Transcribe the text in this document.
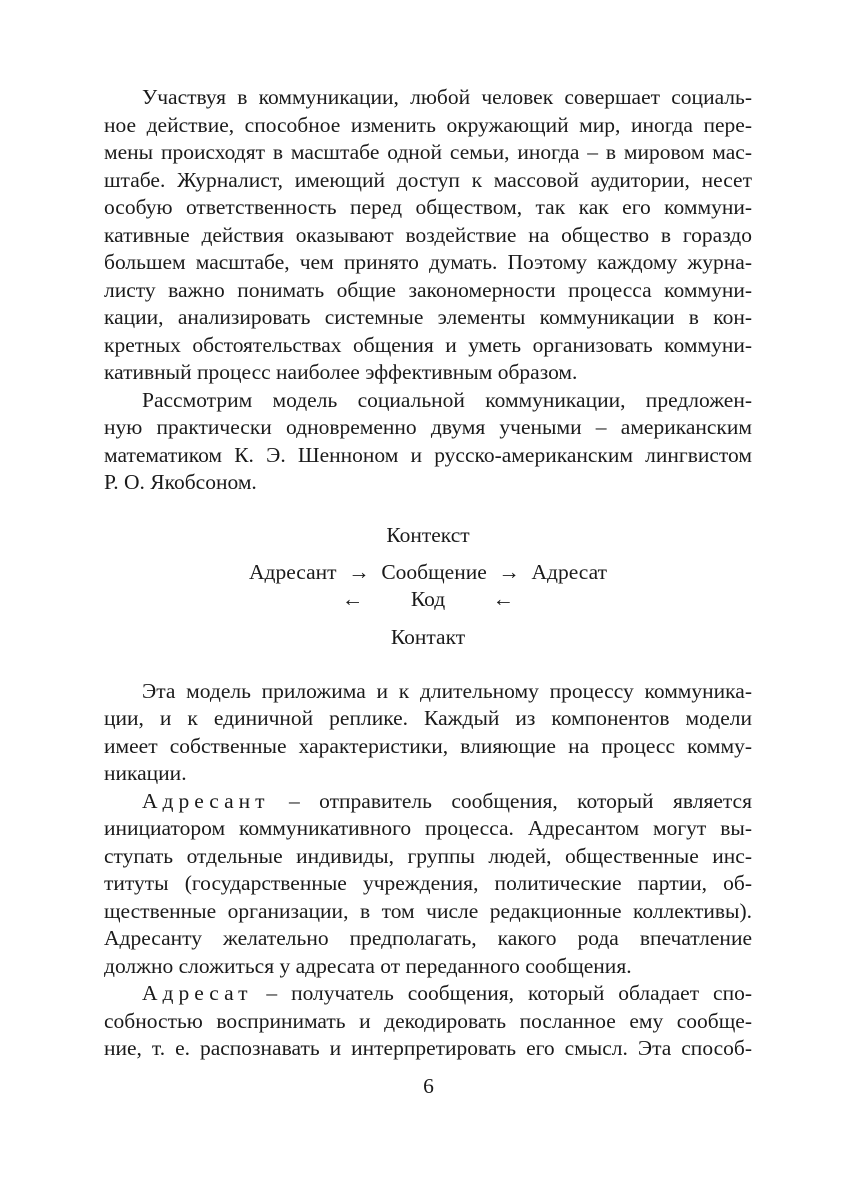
Участвуя в коммуникации, любой человек совершает социаль-
ное действие, способное изменить окружающий мир, иногда пере-
мены происходят в масштабе одной семьи, иногда – в мировом мас-
штабе. Журналист, имеющий доступ к массовой аудитории, несет
особую ответственность перед обществом, так как его коммуни-
кативные действия оказывают воздействие на общество в гораздо
большем масштабе, чем принято думать. Поэтому каждому журна-
листу важно понимать общие закономерности процесса коммуни-
кации, анализировать системные элементы коммуникации в кон-
кретных обстоятельствах общения и уметь организовать коммуни-
кативный процесс наиболее эффективным образом.
Рассмотрим модель социальной коммуникации, предложен-
ную практически одновременно двумя учеными – американским
математиком К. Э. Шенноном и русско-американским лингвистом
Р. О. Якобсоном.
Контекст
Адресант → Сообщение → Адресат
← Код ←
Контакт
Эта модель приложима и к длительному процессу коммуника-
ции, и к единичной реплике. Каждый из компонентов модели
имеет собственные характеристики, влияющие на процесс комму-
никации.
Адресант – отправитель сообщения, который является
инициатором коммуникативного процесса. Адресантом могут вы-
ступать отдельные индивиды, группы людей, общественные инс-
титуты (государственные учреждения, политические партии, об-
щественные организации, в том числе редакционные коллективы).
Адресанту желательно предполагать, какого рода впечатление
должно сложиться у адресата от переданного сообщения.
Адресат – получатель сообщения, который обладает спо-
собностью воспринимать и декодировать посланное ему сообще-
ние, т. е. распознавать и интерпретировать его смысл. Эта способ-
6
